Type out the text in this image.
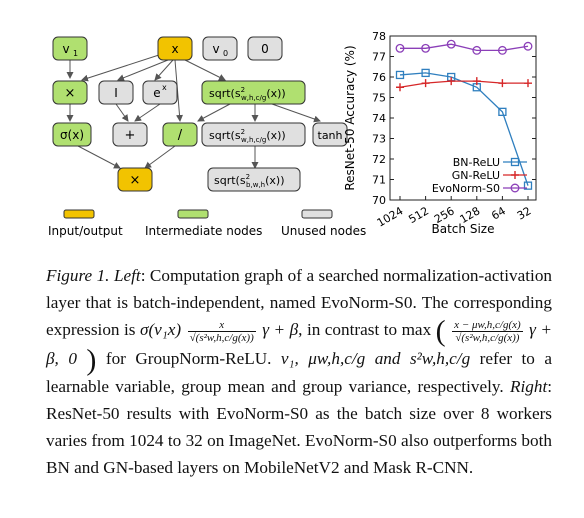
v 1	x	v 0	0
×	I	e x	$sqrt(s^2$ w,h,c/g(x))
σ(x)	+	/ $sqrt(s^2$ w,h,c/g(x))	tanh
×	$sqrt(s^2$ b,w,h(x))
Input/output Intermediate nodes Unused nodes
ResNet-50 Accuracy (%)
Batch Size
70
71
72
73
74
75
76
77
78
1024 512 256 128 64 32
BN-ReLU
GN-ReLU
EvoNorm-S0

Figure 1. Left: Computation graph of a searched normalization-activation layer that is batch-independent, named EvoNorm-S0. The corresponding expression is $\sigma(v_1x) \frac{x}{\text{√(s²w,h,c/g(x))}}$ γ + β, in contrast to max ( $\frac{x - \mu w,h,c/g(x)}{\text{√(s²w,h,c/g(x))}}$ γ + β, 0 ) for GroupNorm-ReLU. v₁, μw,h,c/g and s²w,h,c/g refer to a learnable variable, group mean and group variance, respectively. Right: ResNet-50 results with EvoNorm-S0 as the batch size over 8 workers varies from 1024 to 32 on ImageNet. EvoNorm-S0 also outperforms both BN and GN-based layers on MobileNetV2 and Mask R-CNN.
